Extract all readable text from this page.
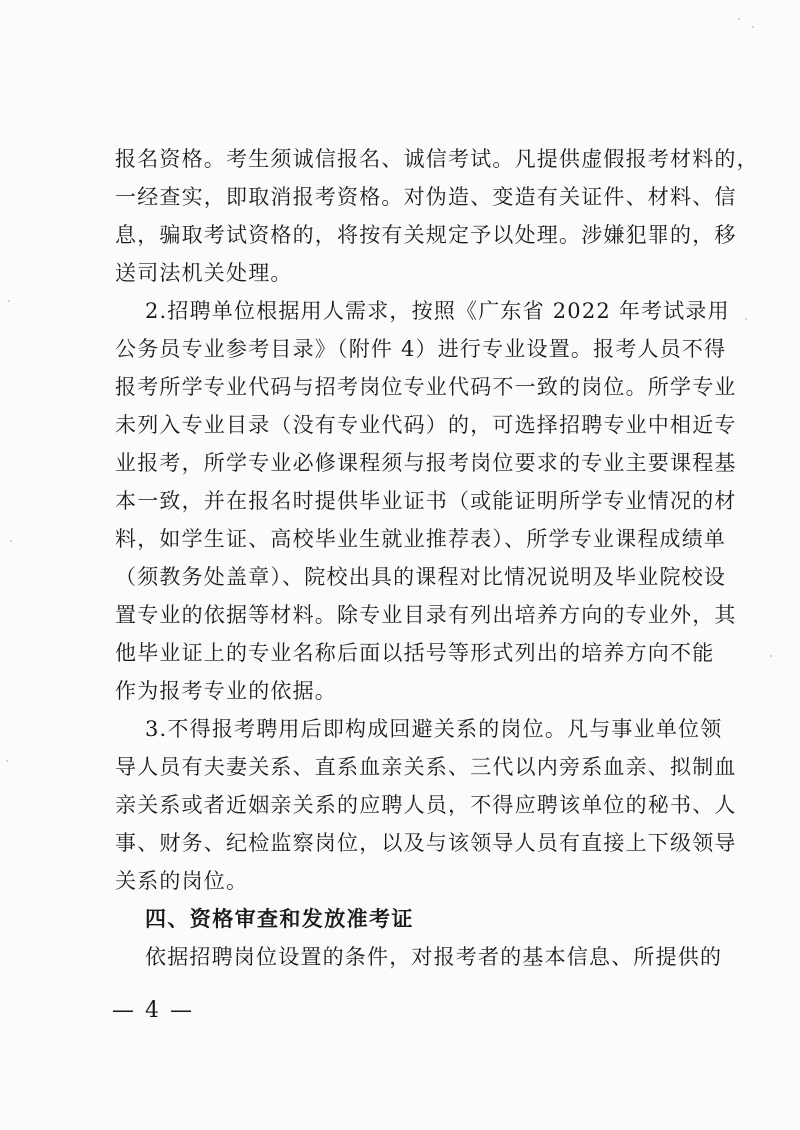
报名资格。考生须诚信报名、诚信考试。凡提供虚假报考材料的，
一经查实，即取消报考资格。对伪造、变造有关证件、材料、信
息，骗取考试资格的，将按有关规定予以处理。涉嫌犯罪的，移
送司法机关处理。
2.招聘单位根据用人需求，按照《广东省 2022 年考试录用
公务员专业参考目录》（附件 4）进行专业设置。报考人员不得
报考所学专业代码与招考岗位专业代码不一致的岗位。所学专业
未列入专业目录（没有专业代码）的，可选择招聘专业中相近专
业报考，所学专业必修课程须与报考岗位要求的专业主要课程基
本一致，并在报名时提供毕业证书（或能证明所学专业情况的材
料，如学生证、高校毕业生就业推荐表）、所学专业课程成绩单
（须教务处盖章）、院校出具的课程对比情况说明及毕业院校设
置专业的依据等材料。除专业目录有列出培养方向的专业外，其
他毕业证上的专业名称后面以括号等形式列出的培养方向不能
作为报考专业的依据。
3.不得报考聘用后即构成回避关系的岗位。凡与事业单位领
导人员有夫妻关系、直系血亲关系、三代以内旁系血亲、拟制血
亲关系或者近姻亲关系的应聘人员，不得应聘该单位的秘书、人
事、财务、纪检监察岗位，以及与该领导人员有直接上下级领导
关系的岗位。
四、资格审查和发放准考证
依据招聘岗位设置的条件，对报考者的基本信息、所提供的
— 4 —
